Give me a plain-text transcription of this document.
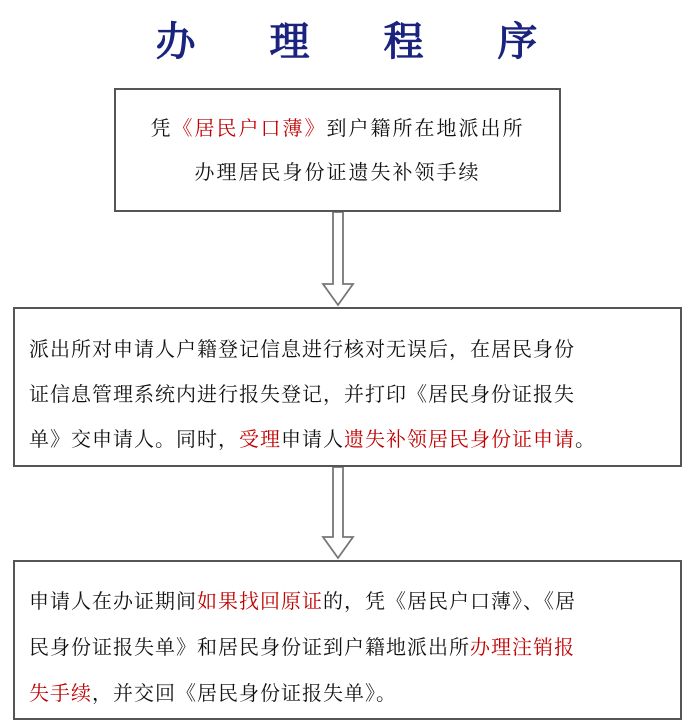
办 理 程 序
凭《居民户口薄》到户籍所在地派出所
办理居民身份证遗失补领手续
派出所对申请人户籍登记信息进行核对无误后，在居民身份
证信息管理系统内进行报失登记，并打印《居民身份证报失
单》交申请人。同时，受理申请人遗失补领居民身份证申请。
申请人在办证期间如果找回原证的，凭《居民户口薄》、《居
民身份证报失单》和居民身份证到户籍地派出所办理注销报
失手续，并交回《居民身份证报失单》。
